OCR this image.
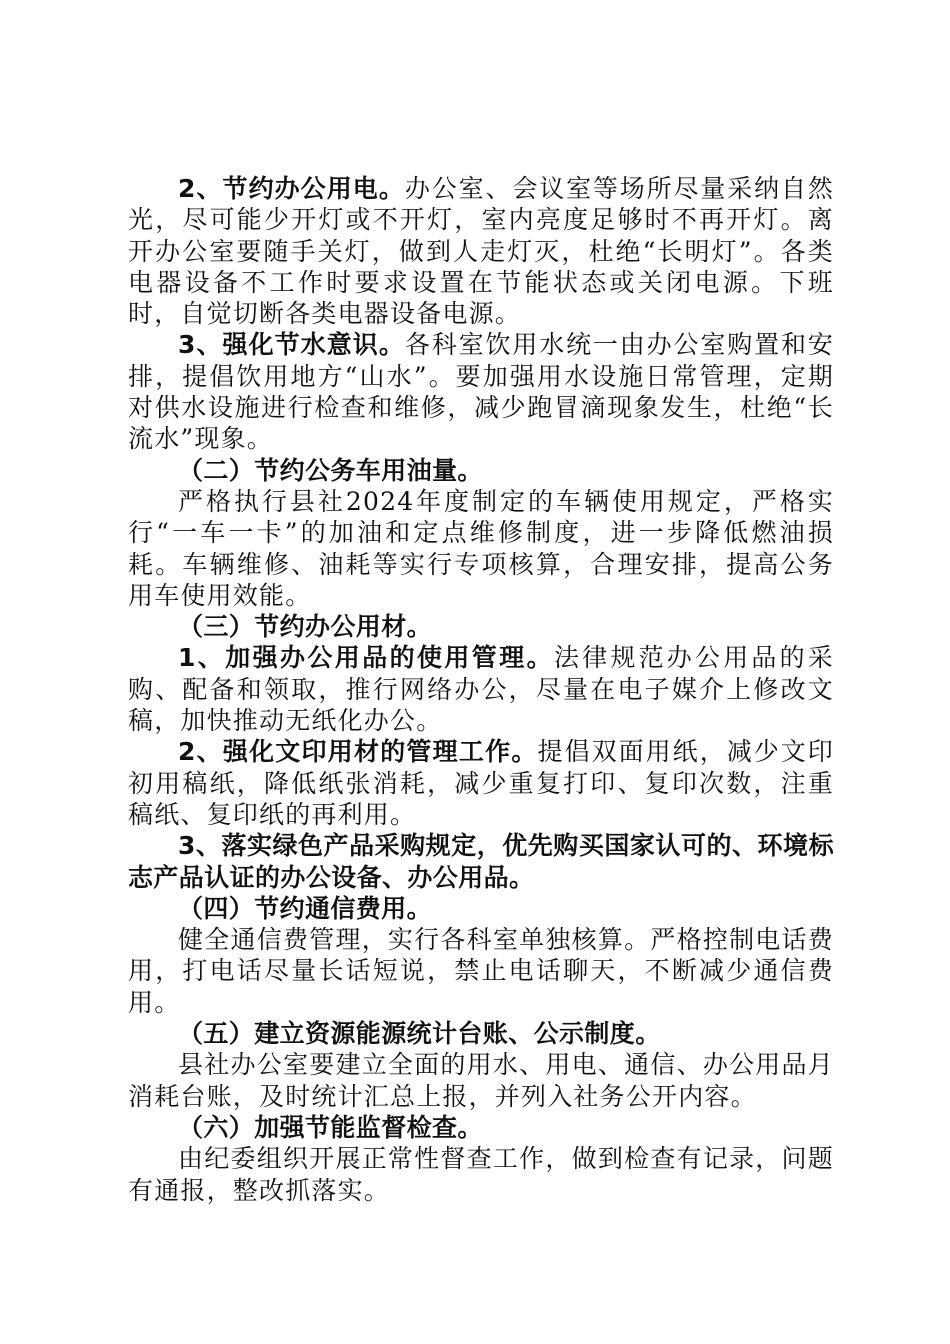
2、节约办公用电。办公室、会议室等场所尽量采纳自然光，尽可能少开灯或不开灯，室内亮度足够时不再开灯。离开办公室要随手关灯，做到人走灯灭，杜绝“长明灯”。各类电器设备不工作时要求设置在节能状态或关闭电源。下班时，自觉切断各类电器设备电源。

3、强化节水意识。各科室饮用水统一由办公室购置和安排，提倡饮用地方“山水”。要加强用水设施日常管理，定期对供水设施进行检查和维修，减少跑冒滴现象发生，杜绝“长流水”现象。

（二）节约公务车用油量。

严格执行县社2024年度制定的车辆使用规定，严格实行“一车一卡”的加油和定点维修制度，进一步降低燃油损耗。车辆维修、油耗等实行专项核算，合理安排，提高公务用车使用效能。

（三）节约办公用材。

1、加强办公用品的使用管理。法律规范办公用品的采购、配备和领取，推行网络办公，尽量在电子媒介上修改文稿，加快推动无纸化办公。

2、强化文印用材的管理工作。提倡双面用纸，减少文印初用稿纸，降低纸张消耗，减少重复打印、复印次数，注重稿纸、复印纸的再利用。

3、落实绿色产品采购规定，优先购买国家认可的、环境标志产品认证的办公设备、办公用品。

（四）节约通信费用。

健全通信费管理，实行各科室单独核算。严格控制电话费用，打电话尽量长话短说，禁止电话聊天，不断减少通信费用。

（五）建立资源能源统计台账、公示制度。

县社办公室要建立全面的用水、用电、通信、办公用品月消耗台账，及时统计汇总上报，并列入社务公开内容。

（六）加强节能监督检查。

由纪委组织开展正常性督查工作，做到检查有记录，问题有通报，整改抓落实。
